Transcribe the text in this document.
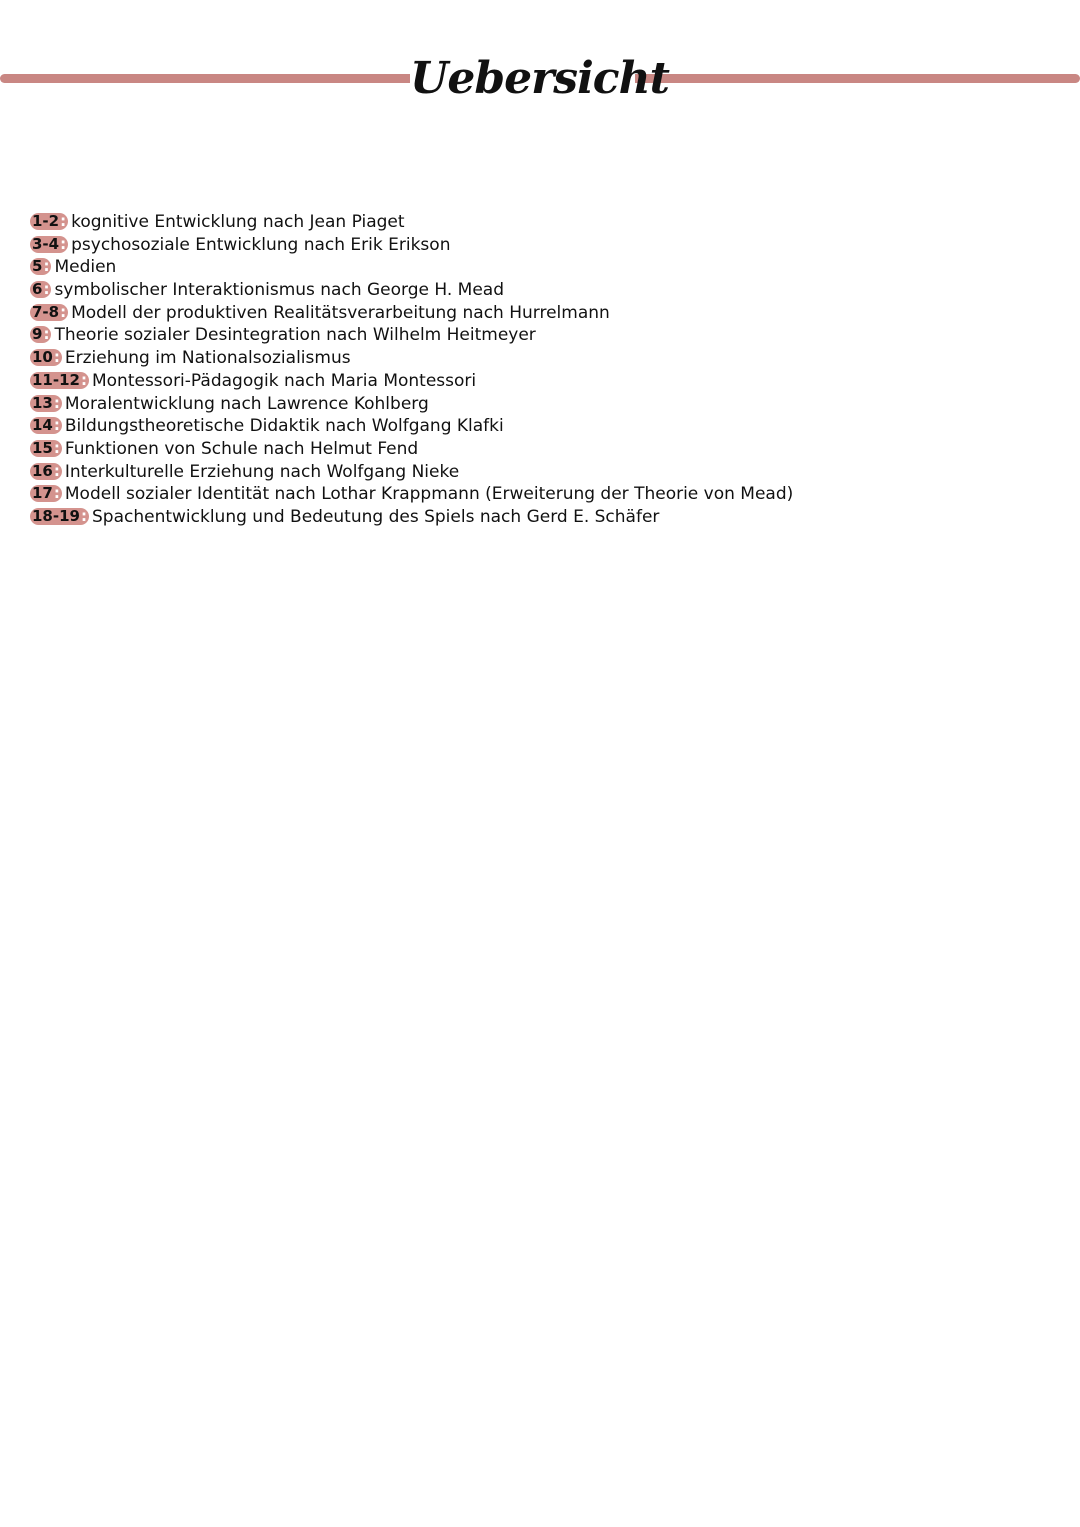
Uebersicht
1-2 : kognitive Entwicklung nach Jean Piaget
3-4 : psychosoziale Entwicklung nach Erik Erikson
5 : Medien
6 : symbolischer Interaktionismus nach George H. Mead
7-8 : Modell der produktiven Realitätsverarbeitung nach Hurrelmann
9 : Theorie sozialer Desintegration nach Wilhelm Heitmeyer
10 : Erziehung im Nationalsozialismus
11-12 : Montessori-Pädagogik nach Maria Montessori
13 : Moralentwicklung nach Lawrence Kohlberg
14 : Bildungstheoretische Didaktik nach Wolfgang Klafki
15 : Funktionen von Schule nach Helmut Fend
16 : Interkulturelle Erziehung nach Wolfgang Nieke
17 : Modell sozialer Identität nach Lothar Krappmann (Erweiterung der Theorie von Mead)
18-19 : Spachentwicklung und Bedeutung des Spiels nach Gerd E. Schäfer
